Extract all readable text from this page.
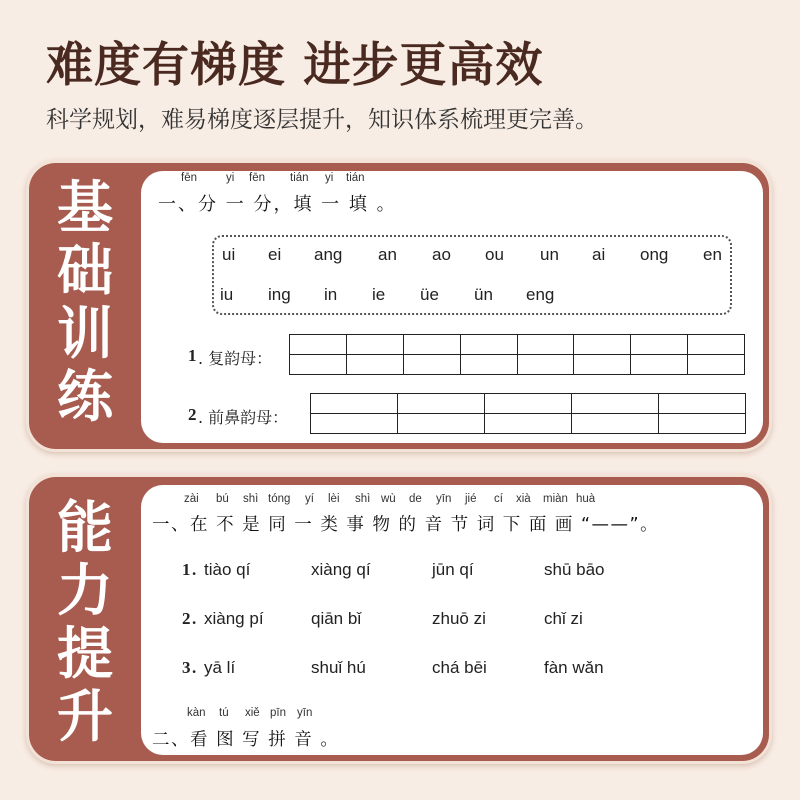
难度有梯度 进步更高效
科学规划，难易梯度逐层提升，知识体系梳理更完善。
基
础
训
练
fēn	yi fēn tián yi tián
一、分 一 分，填 一 填 。
ui ei ang an ao ou un ai ong en
iu ing in ie üe ün eng
1 . 复韵母：

2 . 前鼻韵母：

能
力
提
升
zài bú shì tóng yí lèi shì wù de yīn jié cí xià miàn huà
一、在 不 是 同 一 类 事 物 的 音 节 词 下 面 画 “——”。
1 . tiào qí	xiàng qí	jūn qí	shū bāo
2 . xiàng pí	qiān bǐ	zhuō zi	chǐ zi
3 . yā lí	shuǐ hú	chá bēi	fàn wǎn
kàn tú xiě pīn yīn
二、看 图 写 拼 音 。
